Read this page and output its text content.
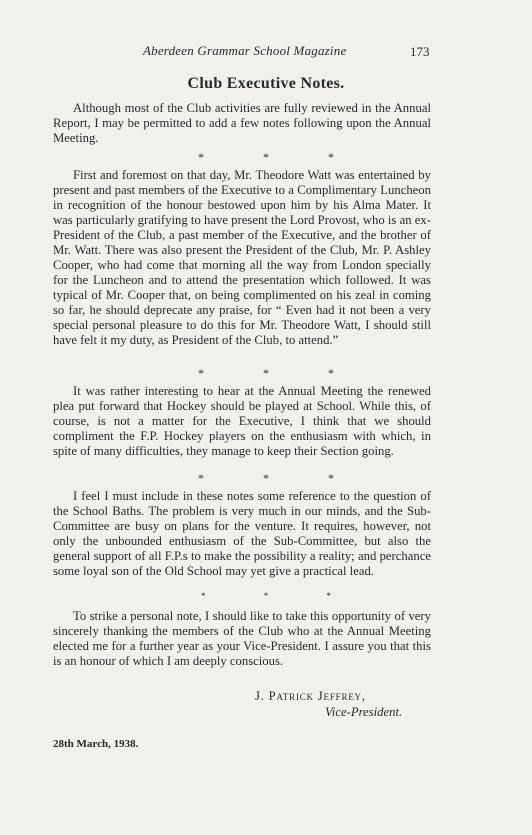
Aberdeen Grammar School Magazine	173
Club Executive Notes.

Although most of the Club activities are fully reviewed in the Annual Report, I may be permitted to add a few notes following upon the Annual Meeting.

* * *

First and foremost on that day, Mr. Theodore Watt was entertained by present and past members of the Executive to a Complimentary Luncheon in recognition of the honour bestowed upon him by his Alma Mater. It was particularly gratifying to have present the Lord Provost, who is an ex-President of the Club, a past member of the Executive, and the brother of Mr. Watt. There was also present the President of the Club, Mr. P. Ashley Cooper, who had come that morning all the way from London specially for the Luncheon and to attend the presentation which followed. It was typical of Mr. Cooper that, on being complimented on his zeal in coming so far, he should deprecate any praise, for “ Even had it not been a very special personal pleasure to do this for Mr. Theodore Watt, I should still have felt it my duty, as President of the Club, to attend.”

* * *

It was rather interesting to hear at the Annual Meeting the renewed plea put forward that Hockey should be played at School. While this, of course, is not a matter for the Executive, I think that we should compliment the F.P. Hockey players on the enthusiasm with which, in spite of many difficulties, they manage to keep their Section going.

* * *

I feel I must include in these notes some reference to the question of the School Baths. The problem is very much in our minds, and the Sub-Committee are busy on plans for the venture. It requires, however, not only the unbounded enthusiasm of the Sub-Committee, but also the general support of all F.P.s to make the possibility a reality; and perchance some loyal son of the Old School may yet give a practical lead.

* * *

To strike a personal note, I should like to take this opportunity of very sincerely thanking the members of the Club who at the Annual Meeting elected me for a further year as your Vice-President. I assure you that this is an honour of which I am deeply conscious.

J. Patrick Jeffrey,
Vice-President.
28th March, 1938.
